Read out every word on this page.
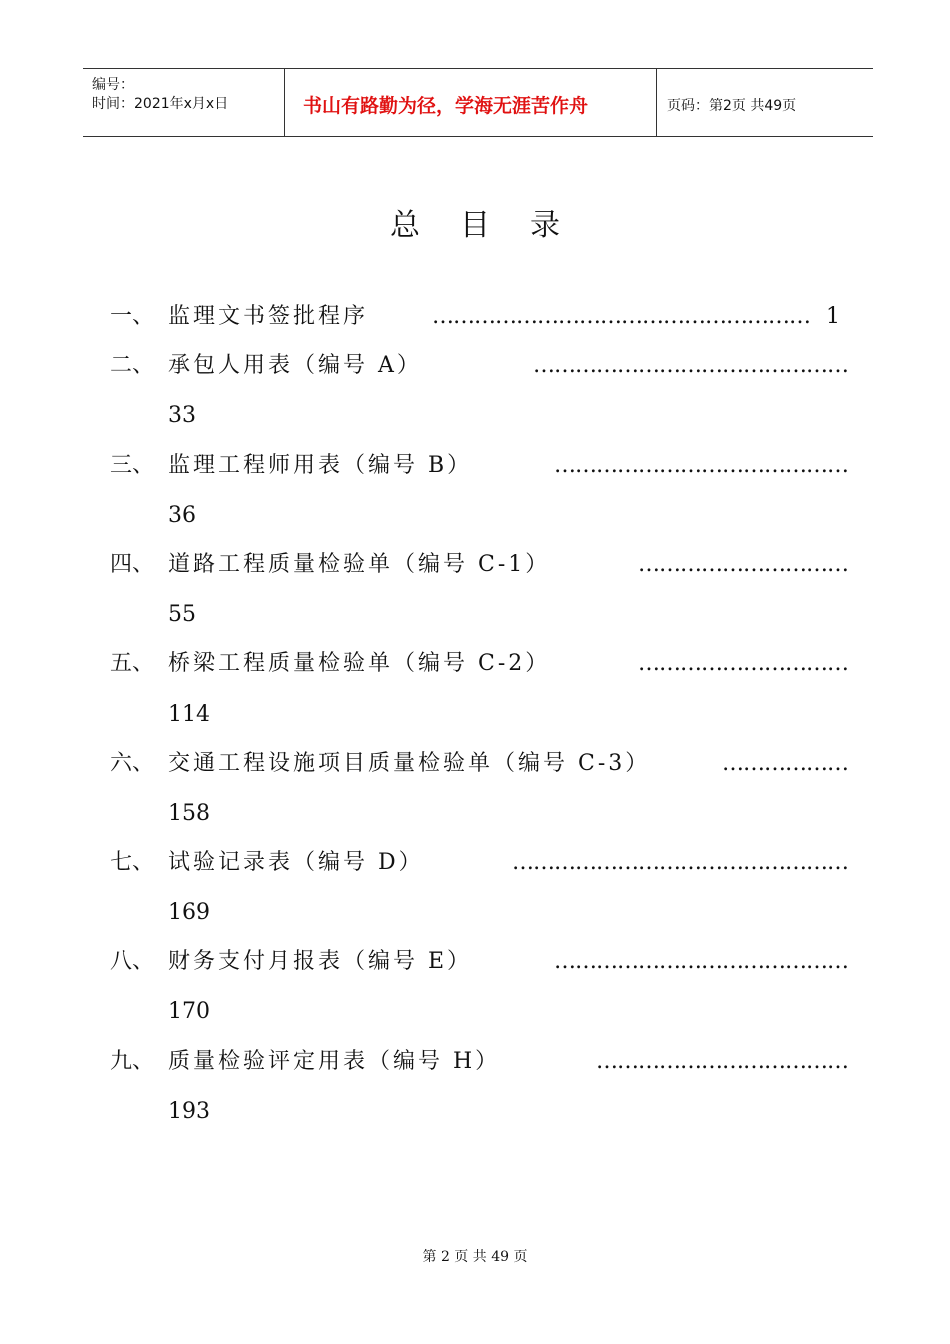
编号：
时间：2021年x月x日	书山有路勤为径，学海无涯苦作舟	页码：第2页 共49页
总目录
一、 监理文书签批程序	……………………………………………… 1
二、 承包人用表（编号 A）	………………………………………
33
三、 监理工程师用表（编号 B）	……………………………………
36
四、 道路工程质量检验单（编号 C-1）	…………………………
55
五、 桥梁工程质量检验单（编号 C-2）	…………………………
114
六、 交通工程设施项目质量检验单（编号 C-3）	………………
158
七、 试验记录表（编号 D）	…………………………………………
169
八、 财务支付月报表（编号 E）	……………………………………
170
九、 质量检验评定用表（编号 H）	………………………………
193
第 2 页 共 49 页
